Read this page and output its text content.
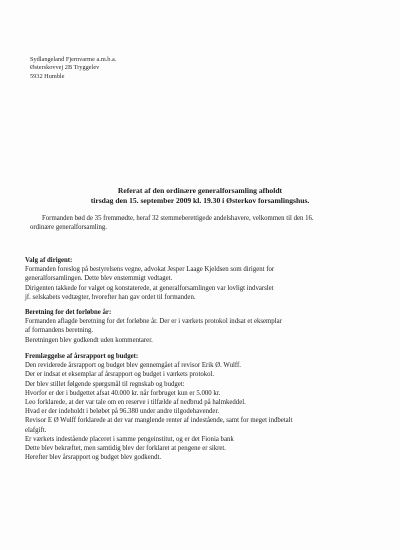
Sydlangeland Fjernvarme a.m.b.a.
Østerskovvej 2B Tryggelev
5932 Humble
Referat af den ordinære generalforsamling afholdt
tirsdag den 15. september 2009 kl. 19.30 i Østerkov forsamlingshus.
Formanden bød de 35 fremmødte, heraf 32 stemmeberettigede andelshavere, velkommen til den 16.
ordinære generalforsamling.
Valg af dirigent:
Formanden foreslog på bestyrelsens vegne, advokat Jesper Laage Kjeldsen som dirigent for
generalforsamlingen. Dette blev enstemmigt vedtaget.
Dirigenten takkede for valget og konstaterede, at generalforsamlingen var lovligt indvarslet
jf. selskabets vedtægter, hvorefter han gav ordet til formanden.
Beretning for det forløbne år:
Formanden aflagde beretning for det forløbne år. Der er i værkets protokol indsat et eksemplar
af formandens beretning.
Beretningen blev godkendt uden kommentarer.
Fremlæggelse af årsrapport og budget:
Den reviderede årsrapport og budget blev gennemgået af revisor Erik Ø. Wulff.
Der er indsat et eksemplar af årsrapport og budget i værkets protokol.
Der blev stillet følgende spørgsmål til regnskab og budget:
Hvorfor er der i budgettet afsat 40.000 kr. når forbruget kun er 5.000 kr.
Leo forklarede, at der var tale om en reserve i tilfælde af nedbrud på halmkeddel.
Hvad er der indeholdt i beløbet på 96.380 under andre tilgodehavender.
Revisor E Ø Wulff forklarede at der var manglende renter af indestående, samt for meget indbetalt
elafgift.
Er værkets indestående placeret i samme pengeinstitut, og er det Fionia bank
Dette blev bekræftet, men samtidig blev der forklaret at pengene er sikret.
Herefter blev årsrapport og budget blev godkendt.
